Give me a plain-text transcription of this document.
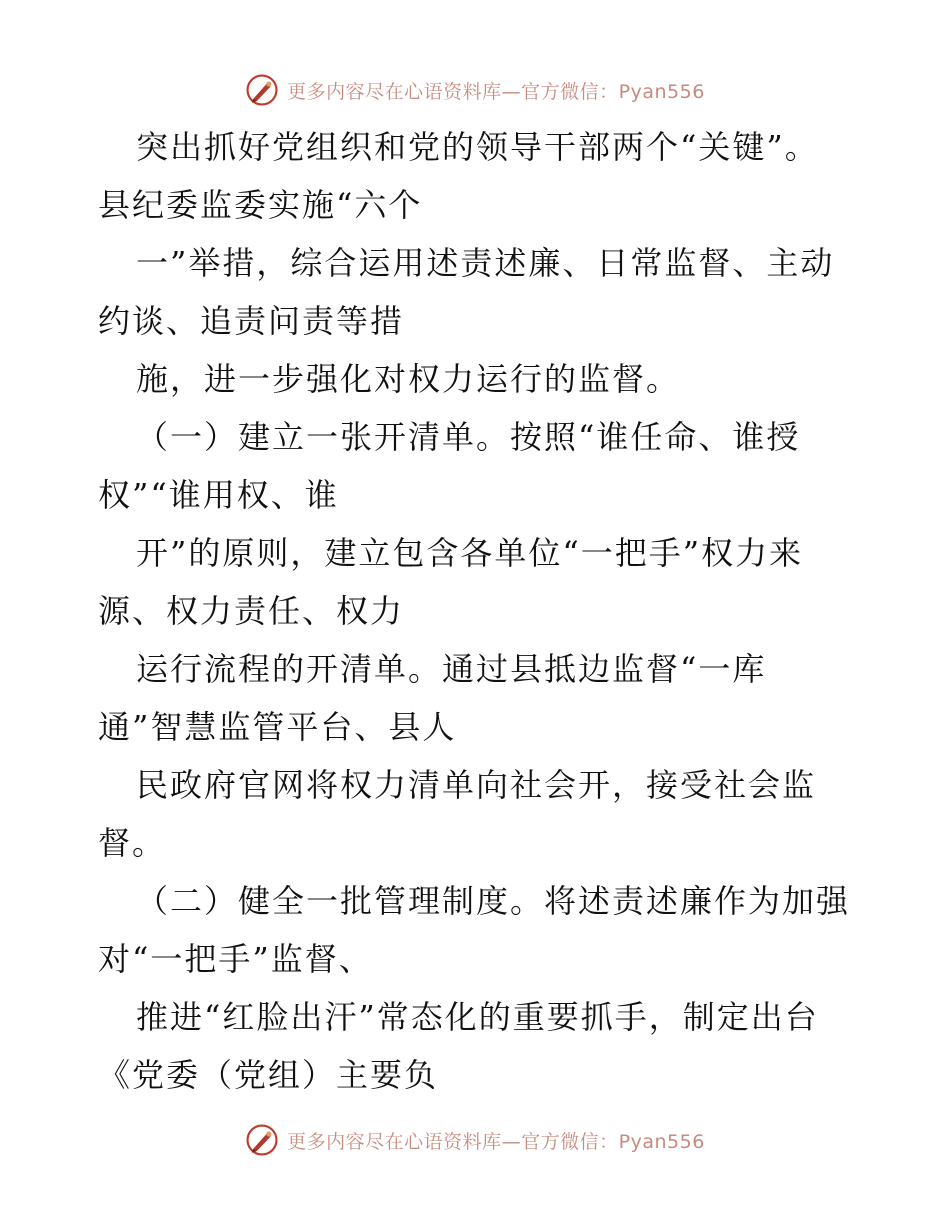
更多内容尽在心语资料库—官方微信：Pyan556
突出抓好党组织和党的领导干部两个“关键”。
县纪委监委实施“六个
一”举措，综合运用述责述廉、日常监督、主动
约谈、追责问责等措
施，进一步强化对权力运行的监督。
（一）建立一张开清单。按照“谁任命、谁授
权”“谁用权、谁
开”的原则，建立包含各单位“一把手”权力来
源、权力责任、权力
运行流程的开清单。通过县抵边监督“一库
通”智慧监管平台、县人
民政府官网将权力清单向社会开，接受社会监
督。
（二）健全一批管理制度。将述责述廉作为加强
对“一把手”监督、
推进“红脸出汗”常态化的重要抓手，制定出台
《党委（党组）主要负
更多内容尽在心语资料库—官方微信：Pyan556
